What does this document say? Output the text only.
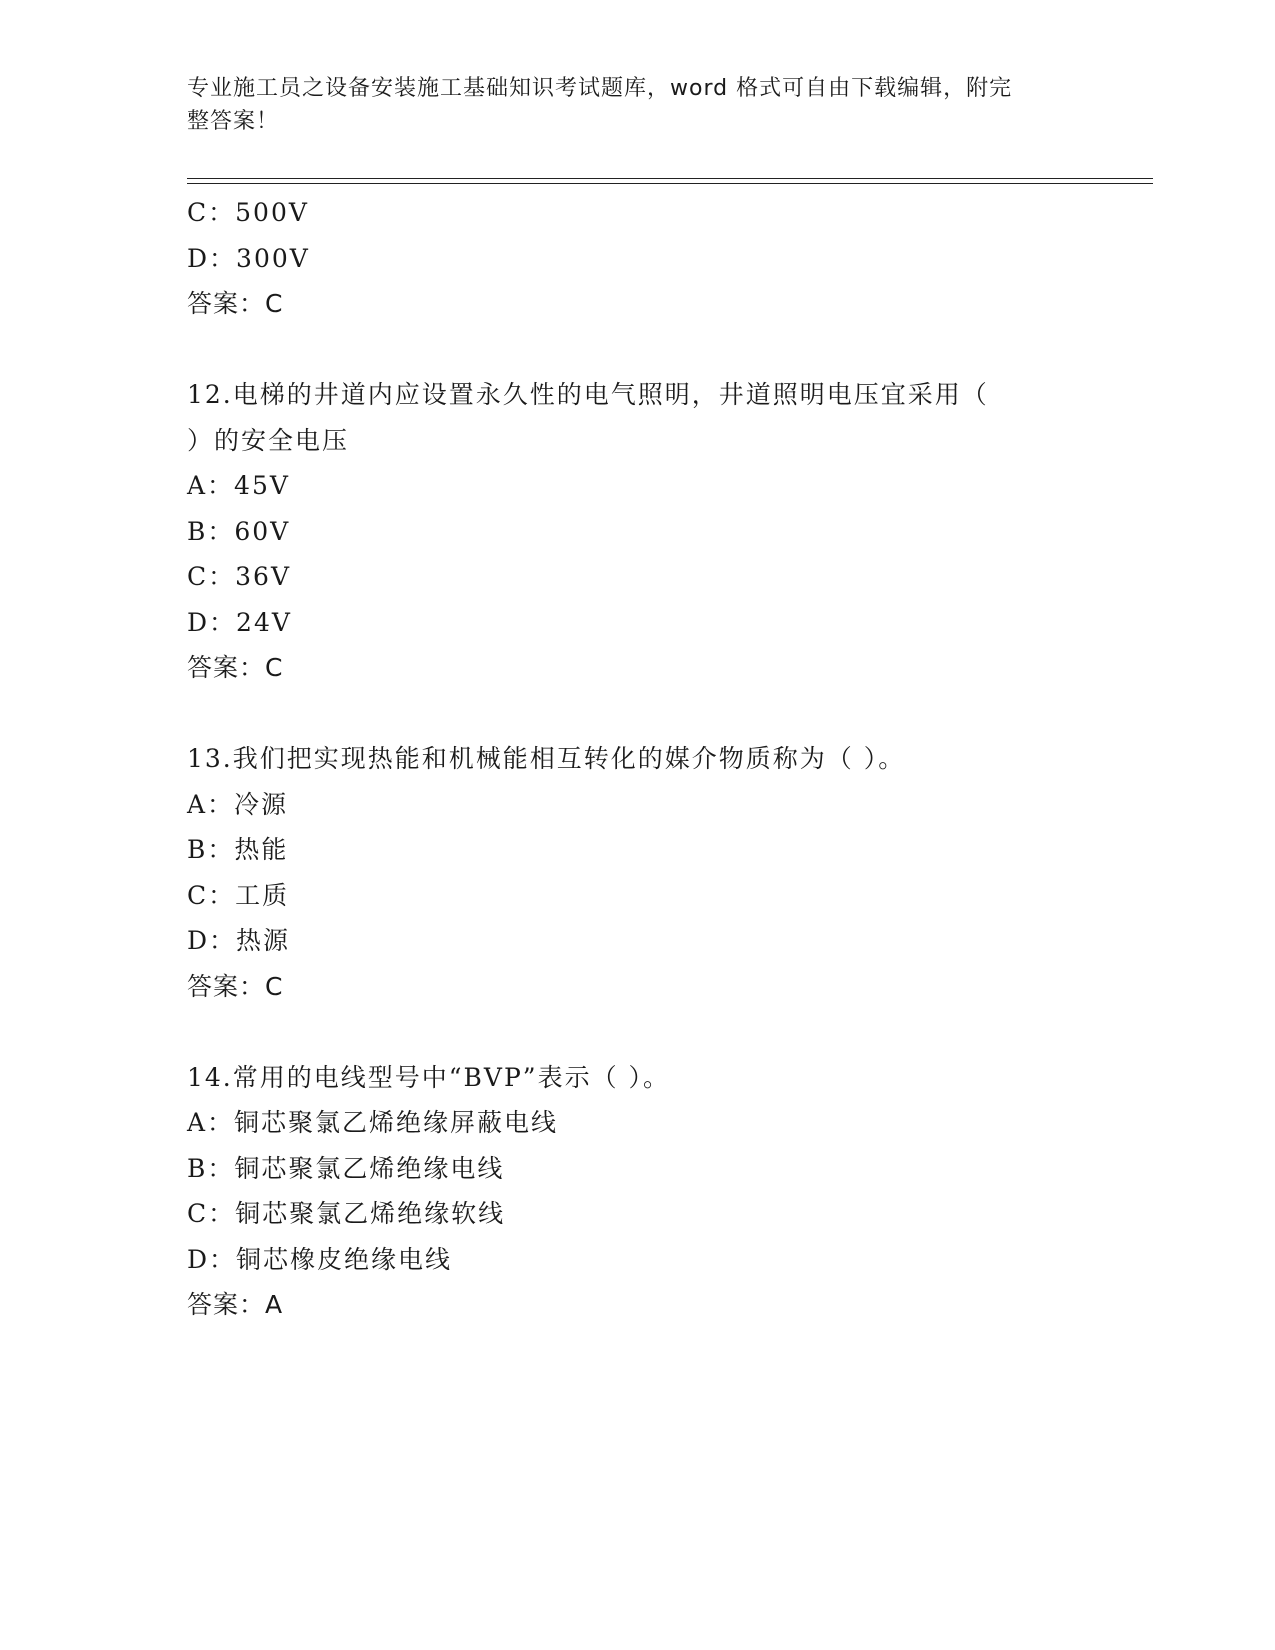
专业施工员之设备安装施工基础知识考试题库，word 格式可自由下载编辑，附完
整答案！
C：500V
D：300V
答案：C
12.电梯的井道内应设置永久性的电气照明，井道照明电压宜采用（
）的安全电压
A：45V
B：60V
C：36V
D：24V
答案：C
13.我们把实现热能和机械能相互转化的媒介物质称为（ ）。
A：冷源
B：热能
C：工质
D：热源
答案：C
14.常用的电线型号中“BVP”表示（ ）。
A：铜芯聚氯乙烯绝缘屏蔽电线
B：铜芯聚氯乙烯绝缘电线
C：铜芯聚氯乙烯绝缘软线
D：铜芯橡皮绝缘电线
答案：A
